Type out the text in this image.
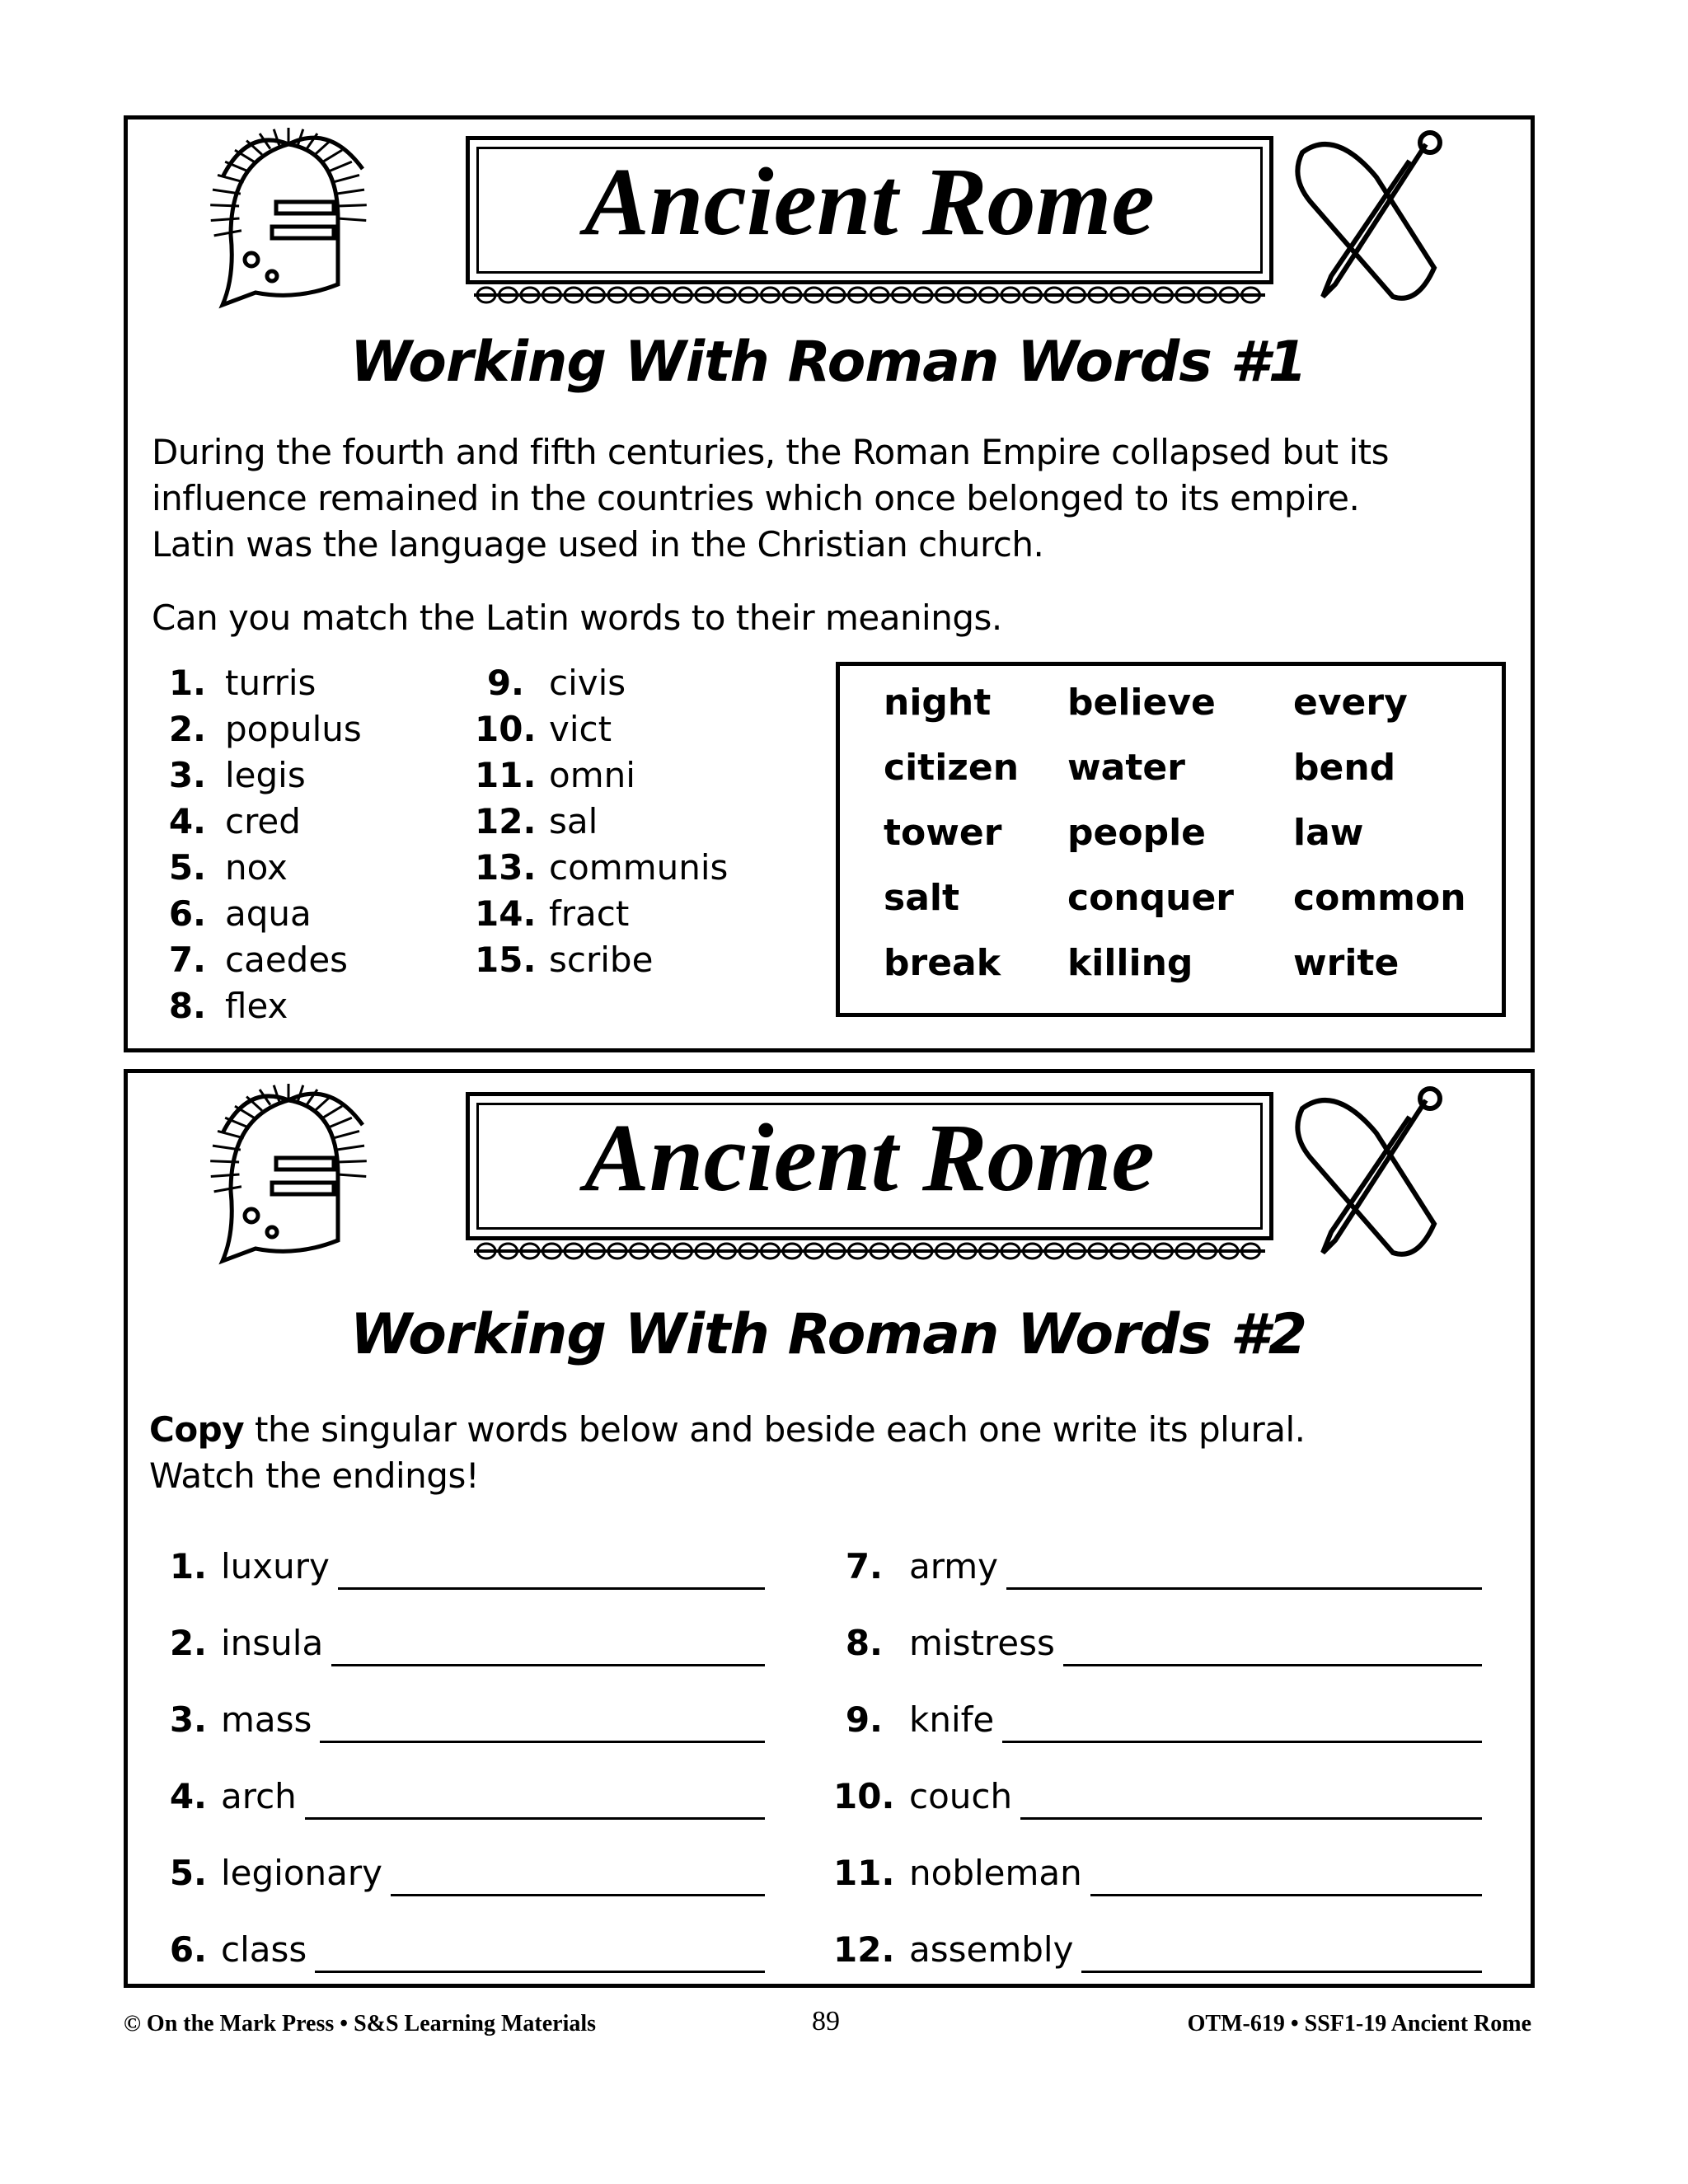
Working With Roman Words #1
During the fourth and fifth centuries, the Roman Empire collapsed but its
influence remained in the countries which once belonged to its empire.
Latin was the language used in the Christian church.
Can you match the Latin words to their meanings.
Working With Roman Words #2
Copy the singular words below and beside each one write its plural.
Watch the endings!
© On the Mark Press • S&S Learning Materials	89	OTM-619 • SSF1-19 Ancient Rome
Ancient Rome
Ancient Rome
1. turris
2. populus
3. legis
4. cred
5. nox
6. aqua
7. caedes
8. flex
9. civis
10. vict
11. omni
12. sal
13. communis
14. fract
15. scribe
night believe every
citizen water	bend
tower people law
salt	conquer common
break killing	write
1. luxury
2. insula
3. mass
4. arch
5. legionary
6. class
7. army
8. mistress
9. knife
10. couch
11. nobleman
12. assembly
